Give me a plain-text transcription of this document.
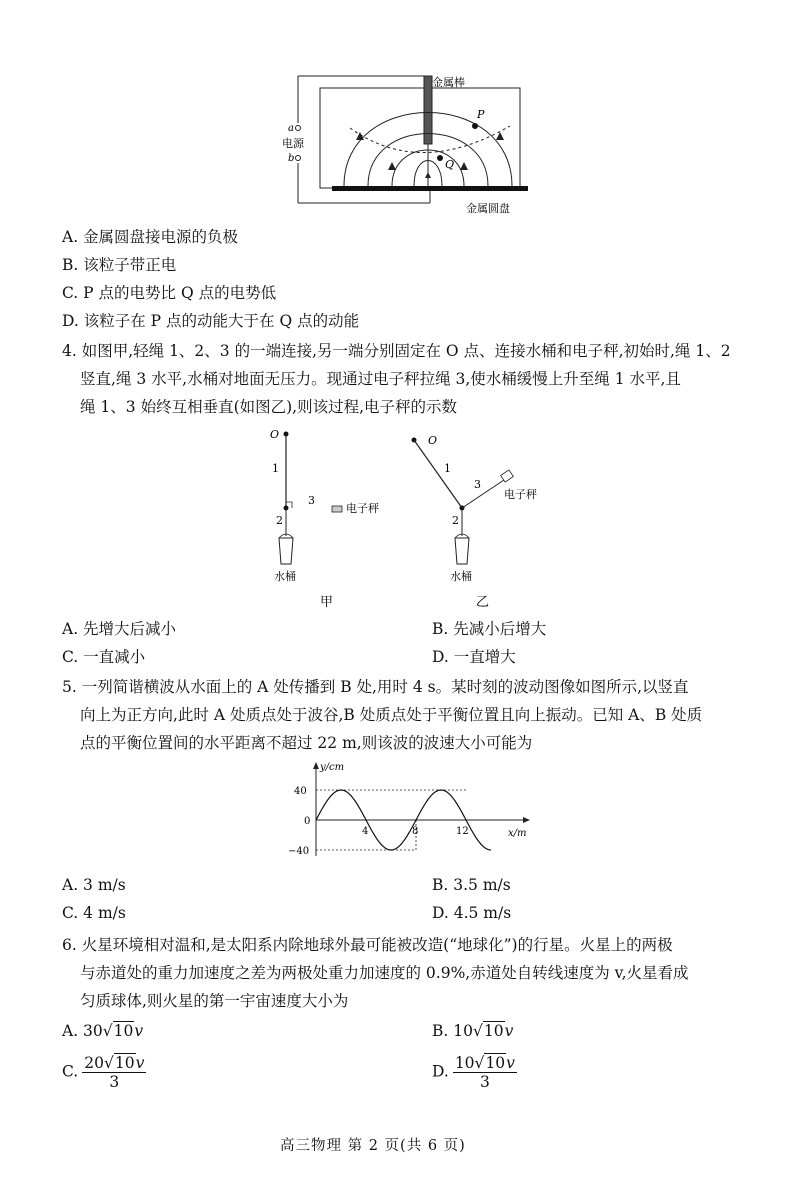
金属棒
a
电源
b
P
Q
金属圆盘
A. 金属圆盘接电源的负极
B. 该粒子带正电
C. P 点的电势比 Q 点的电势低
D. 该粒子在 P 点的动能大于在 Q 点的动能
4. 如图甲,轻绳 1、2、3 的一端连接,另一端分别固定在 O 点、连接水桶和电子秤,初始时,绳 1、2
竖直,绳 3 水平,水桶对地面无压力。现通过电子秤拉绳 3,使水桶缓慢上升至绳 1 水平,且
绳 1、3 始终互相垂直(如图乙),则该过程,电子秤的示数
O
1
3
2
电子秤
水桶
甲
O
1
3
电子秤
2
水桶
乙
A. 先增大后减小	B. 先减小后增大
C. 一直减小	D. 一直增大
5. 一列简谐横波从水面上的 A 处传播到 B 处,用时 4 s。某时刻的波动图像如图所示,以竖直
向上为正方向,此时 A 处质点处于波谷,B 处质点处于平衡位置且向上振动。已知 A、B 处质
点的平衡位置间的水平距离不超过 22 m,则该波的波速大小可能为
y/cm
x/m
40
0
−40
4	8	12
A. 3 m/s	B. 3.5 m/s
C. 4 m/s	D. 4.5 m/s
6. 火星环境相对温和,是太阳系内除地球外最可能被改造(“地球化”)的行星。火星上的两极
与赤道处的重力加速度之差为两极处重力加速度的 0.9%,赤道处自转线速度为 v,火星看成
匀质球体,则火星的第一宇宙速度大小为
A. 30√10v	B. 10√10v
C. $\frac{20√10v}{3}$	D. $\frac{10√10v}{3}$
高三物理 第 2 页(共 6 页)
